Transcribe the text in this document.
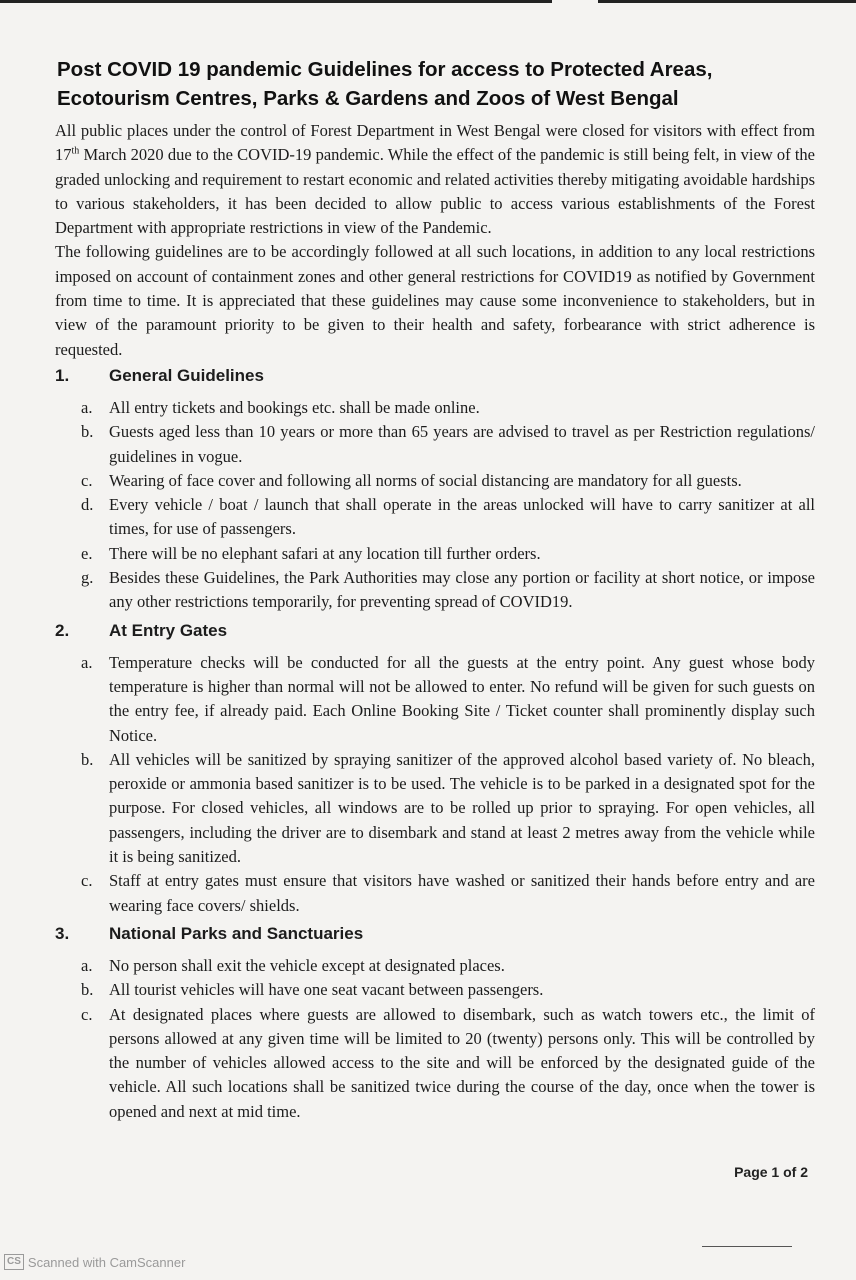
Post COVID 19 pandemic Guidelines for access to Protected Areas,
Ecotourism Centres, Parks & Gardens and Zoos of West Bengal

All public places under the control of Forest Department in West Bengal were closed for visitors with effect from 17th March 2020 due to the COVID-19 pandemic. While the effect of the pandemic is still being felt, in view of the graded unlocking and requirement to restart economic and related activities thereby mitigating avoidable hardships to various stakeholders, it has been decided to allow public to access various establishments of the Forest Department with appropriate restrictions in view of the Pandemic.

The following guidelines are to be accordingly followed at all such locations, in addition to any local restrictions imposed on account of containment zones and other general restrictions for COVID19 as notified by Government from time to time. It is appreciated that these guidelines may cause some inconvenience to stakeholders, but in view of the paramount priority to be given to their health and safety, forbearance with strict adherence is requested.

1.	General Guidelines
a.	All entry tickets and bookings etc. shall be made online.
b. Guests aged less than 10 years or more than 65 years are advised to travel as per Restriction regulations/ guidelines in vogue.
c.	Wearing of face cover and following all norms of social distancing are mandatory for all guests.
d. Every vehicle / boat / launch that shall operate in the areas unlocked will have to carry sanitizer at all times, for use of passengers.
e.	There will be no elephant safari at any location till further orders.
g. Besides these Guidelines, the Park Authorities may close any portion or facility at short notice, or impose any other restrictions temporarily, for preventing spread of COVID19.
2.	At Entry Gates
a.	Temperature checks will be conducted for all the guests at the entry point. Any guest whose body temperature is higher than normal will not be allowed to enter. No refund will be given for such guests on the entry fee, if already paid. Each Online Booking Site / Ticket counter shall prominently display such Notice.
b. All vehicles will be sanitized by spraying sanitizer of the approved alcohol based variety of. No bleach, peroxide or ammonia based sanitizer is to be used. The vehicle is to be parked in a designated spot for the purpose. For closed vehicles, all windows are to be rolled up prior to spraying. For open vehicles, all passengers, including the driver are to disembark and stand at least 2 metres away from the vehicle while it is being sanitized.
c.	Staff at entry gates must ensure that visitors have washed or sanitized their hands before entry and are wearing face covers/ shields.
3.	National Parks and Sanctuaries
a.	No person shall exit the vehicle except at designated places.
b. All tourist vehicles will have one seat vacant between passengers.
c.	At designated places where guests are allowed to disembark, such as watch towers etc., the limit of persons allowed at any given time will be limited to 20 (twenty) persons only. This will be controlled by the number of vehicles allowed access to the site and will be enforced by the designated guide of the vehicle. All such locations shall be sanitized twice during the course of the day, once when the tower is opened and next at mid time.
Page 1 of 2
CS Scanned with CamScanner
